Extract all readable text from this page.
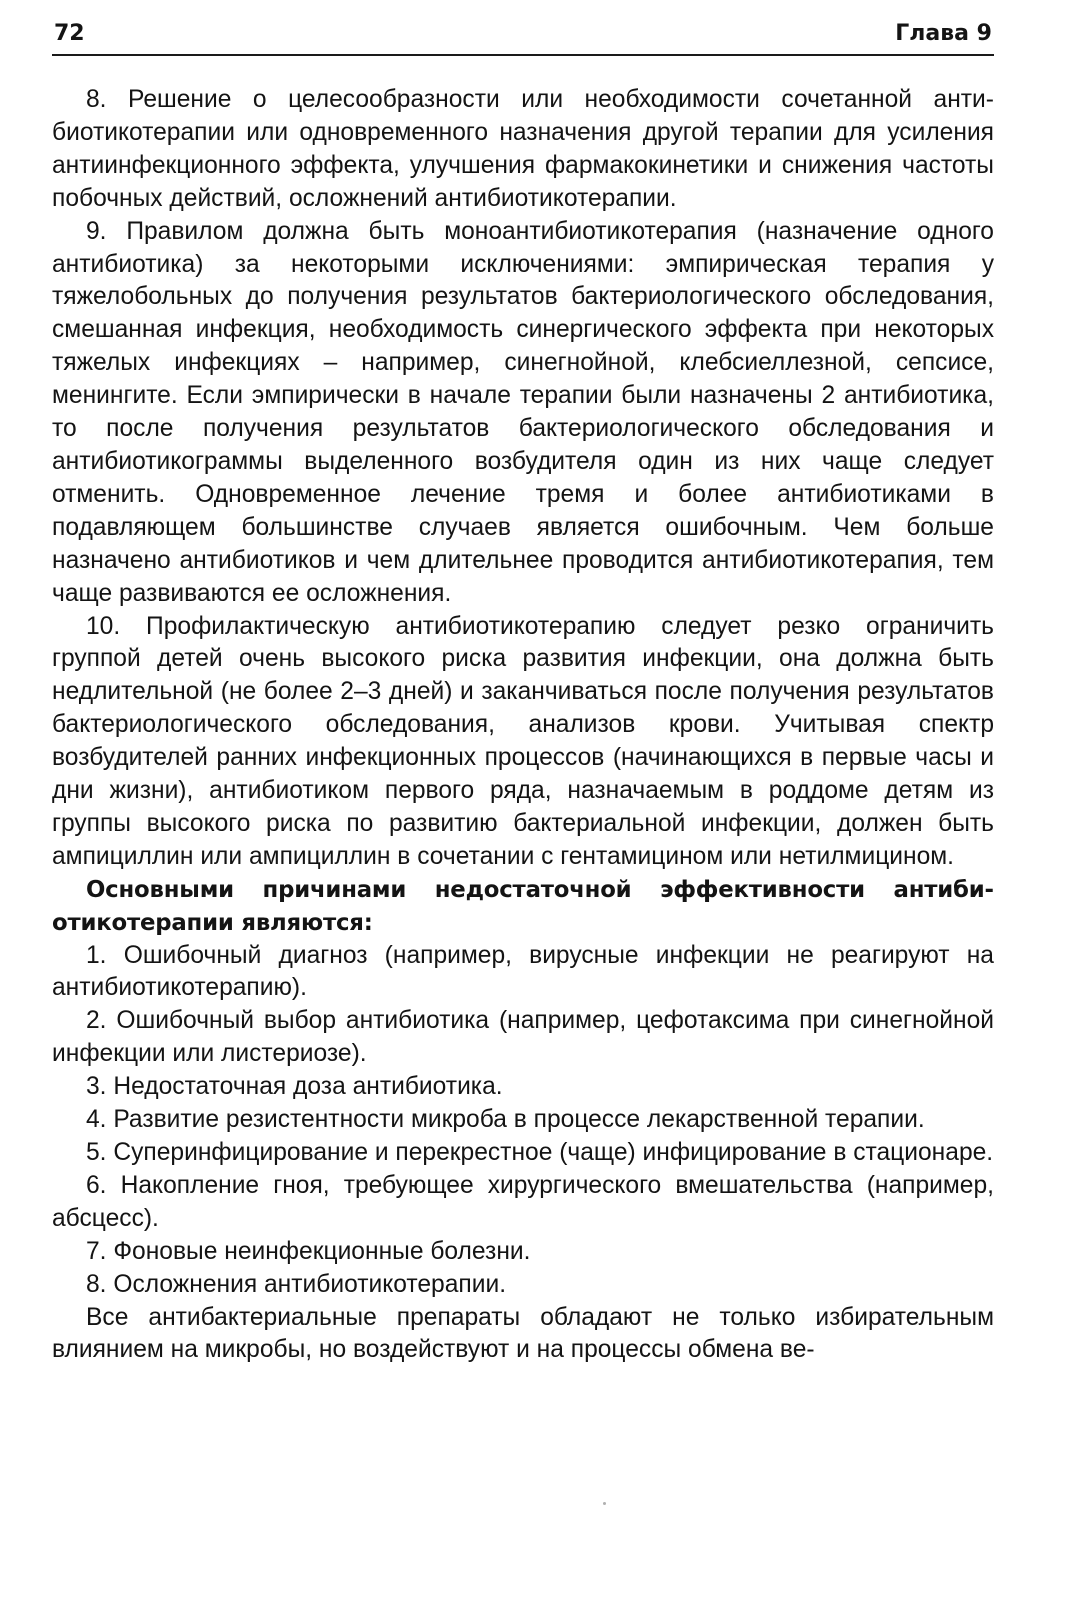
72	Глава 9

8. Решение о целесообразности или необходимости сочетанной антибиотикотерапии или одновременного назначения другой терапии для усиления антиинфекционного эффекта, улучшения фармакокинетики и снижения частоты побочных действий, осложнений антибиотикотерапии.

9. Правилом должна быть моноантибиотикотерапия (назначение одного антибиотика) за некоторыми исключениями: эмпирическая терапия у тяжелобольных до получения результатов бактериологического обследования, смешанная инфекция, необходимость синергического эффекта при некоторых тяжелых инфекциях – например, синегнойной, клебсиеллезной, сепсисе, менингите. Если эмпирически в начале терапии были назначены 2 антибиотика, то после получения результатов бактериологического обследования и антибиотикограммы выделенного возбудителя один из них чаще следует отменить. Одновременное лечение тремя и более антибиотиками в подавляющем большинстве случаев является ошибочным. Чем больше назначено антибиотиков и чем длительнее проводится антибиотикотерапия, тем чаще развиваются ее осложнения.

10. Профилактическую антибиотикотерапию следует резко ограничить группой детей очень высокого риска развития инфекции, она должна быть недлительной (не более 2–3 дней) и заканчиваться после получения результатов бактериологического обследования, анализов крови. Учитывая спектр возбудителей ранних инфекционных процессов (начинающихся в первые часы и дни жизни), антибиотиком первого ряда, назначаемым в роддоме детям из группы высокого риска по развитию бактериальной инфекции, должен быть ампициллин или ампициллин в сочетании с гентамицином или нетилмицином.

Основными причинами недостаточной эффективности антибиотикотерапии являются:

1. Ошибочный диагноз (например, вирусные инфекции не реагируют на антибиотикотерапию).

2. Ошибочный выбор антибиотика (например, цефотаксима при синегнойной инфекции или листериозе).

3. Недостаточная доза антибиотика.

4. Развитие резистентности микроба в процессе лекарственной терапии.

5. Суперинфицирование и перекрестное (чаще) инфицирование в стационаре.

6. Накопление гноя, требующее хирургического вмешательства (например, абсцесс).

7. Фоновые неинфекционные болезни.

8. Осложнения антибиотикотерапии.

Все антибактериальные препараты обладают не только избирательным влиянием на микробы, но воздействуют и на процессы обмена ве-
